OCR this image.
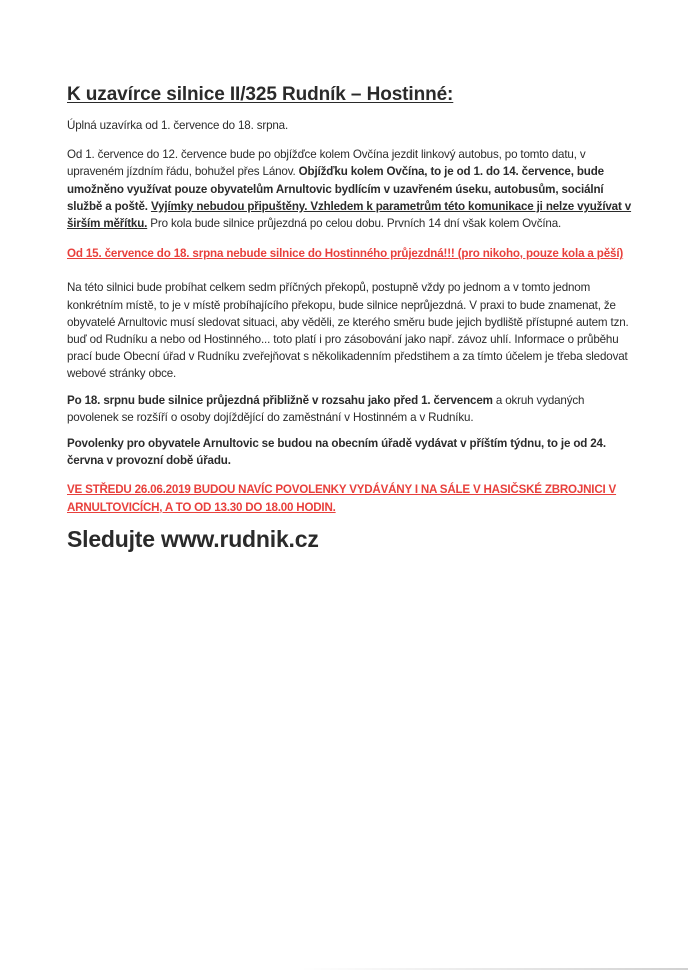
K uzavírce silnice II/325 Rudník – Hostinné:

Úplná uzavírka od 1. července do 18. srpna.

Od 1. července do 12. července bude po objížďce kolem Ovčína jezdit linkový autobus, po tomto datu, v upraveném jízdním řádu, bohužel přes Lánov. Objížďku kolem Ovčína, to je od 1. do 14. července, bude umožněno využívat pouze obyvatelům Arnultovic bydlícím v uzavřeném úseku, autobusům, sociální službě a poště. Vyjímky nebudou připuštěny. Vzhledem k parametrům této komunikace ji nelze využívat v širším měřítku. Pro kola bude silnice průjezdná po celou dobu. Prvních 14 dní však kolem Ovčína.

Od 15. července do 18. srpna nebude silnice do Hostinného průjezdná!!! (pro nikoho, pouze kola a pěší)

Na této silnici bude probíhat celkem sedm příčných překopů, postupně vždy po jednom a v tomto jednom konkrétním místě, to je v místě probíhajícího překopu, bude silnice neprůjezdná. V praxi to bude znamenat, že obyvatelé Arnultovic musí sledovat situaci, aby věděli, ze kterého směru bude jejich bydliště přístupné autem tzn. buď od Rudníku a nebo od Hostinného... toto platí i pro zásobování jako např. závoz uhlí. Informace o průběhu prací bude Obecní úřad v Rudníku zveřejňovat s několikadenním předstihem a za tímto účelem je třeba sledovat webové stránky obce.

Po 18. srpnu bude silnice průjezdná přibližně v rozsahu jako před 1. červencem a okruh vydaných povolenek se rozšíří o osoby dojíždějící do zaměstnání v Hostinném a v Rudníku.

Povolenky pro obyvatele Arnultovic se budou na obecním úřadě vydávat v příštím týdnu, to je od 24. června v provozní době úřadu.

VE STŘEDU 26.06.2019 BUDOU NAVÍC POVOLENKY VYDÁVÁNY I NA SÁLE V HASIČSKÉ ZBROJNICI V ARNULTOVICÍCH, A TO OD 13.30 DO 18.00 HODIN.

Sledujte www.rudnik.cz
